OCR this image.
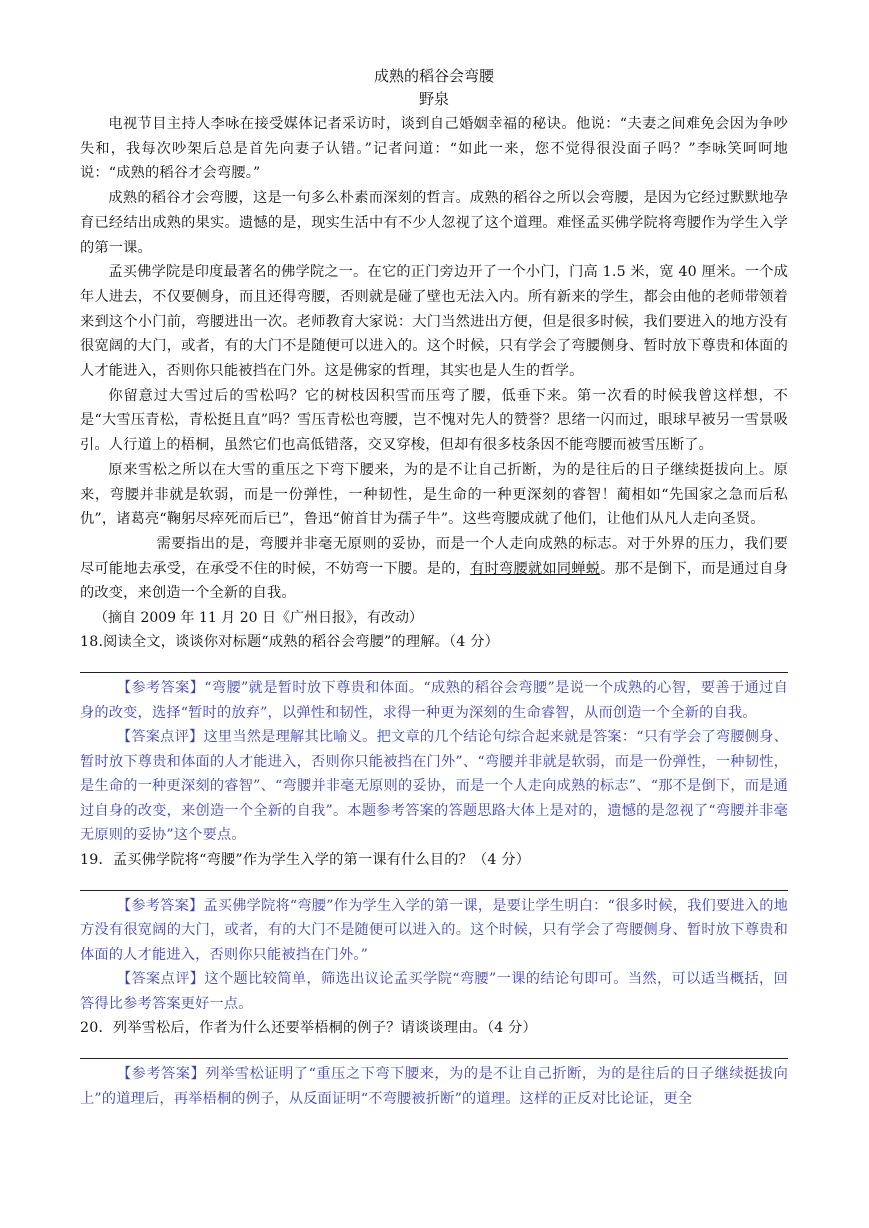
成熟的稻谷会弯腰

野泉

电视节目主持人李咏在接受媒体记者采访时，谈到自己婚姻幸福的秘诀。他说：“夫妻之间难免会因为争吵失和，我每次吵架后总是首先向妻子认错。”记者问道：“如此一来，您不觉得很没面子吗？”李咏笑呵呵地说：“成熟的稻谷才会弯腰。”

成熟的稻谷才会弯腰，这是一句多么朴素而深刻的哲言。成熟的稻谷之所以会弯腰，是因为它经过默默地孕育已经结出成熟的果实。遗憾的是，现实生活中有不少人忽视了这个道理。难怪孟买佛学院将弯腰作为学生入学的第一课。

孟买佛学院是印度最著名的佛学院之一。在它的正门旁边开了一个小门，门高 1.5 米，宽 40 厘米。一个成年人进去，不仅要侧身，而且还得弯腰，否则就是碰了壁也无法入内。所有新来的学生，都会由他的老师带领着来到这个小门前，弯腰进出一次。老师教育大家说：大门当然进出方便，但是很多时候，我们要进入的地方没有很宽阔的大门，或者，有的大门不是随便可以进入的。这个时候，只有学会了弯腰侧身、暂时放下尊贵和体面的人才能进入，否则你只能被挡在门外。这是佛家的哲理，其实也是人生的哲学。

你留意过大雪过后的雪松吗？它的树枝因积雪而压弯了腰，低垂下来。第一次看的时候我曾这样想，不是“大雪压青松，青松挺且直”吗？雪压青松也弯腰，岂不愧对先人的赞誉？思绪一闪而过，眼球早被另一雪景吸引。人行道上的梧桐，虽然它们也高低错落，交叉穿梭，但却有很多枝条因不能弯腰而被雪压断了。

原来雪松之所以在大雪的重压之下弯下腰来，为的是不让自己折断，为的是往后的日子继续挺拔向上。原来，弯腰并非就是软弱，而是一份弹性，一种韧性，是生命的一种更深刻的睿智！蔺相如“先国家之急而后私仇”，诸葛亮“鞠躬尽瘁死而后已”，鲁迅“俯首甘为孺子牛”。这些弯腰成就了他们，让他们从凡人走向圣贤。

需要指出的是，弯腰并非毫无原则的妥协，而是一个人走向成熟的标志。对于外界的压力，我们要尽可能地去承受，在承受不住的时候，不妨弯一下腰。是的，有时弯腰就如同蝉蜕。那不是倒下，而是通过自身的改变，来创造一个全新的自我。

（摘自 2009 年 11 月 20 日《广州日报》，有改动）

18.阅读全文，谈谈你对标题“成熟的稻谷会弯腰”的理解。（4 分）

【参考答案】“弯腰”就是暂时放下尊贵和体面。“成熟的稻谷会弯腰”是说一个成熟的心智，要善于通过自身的改变，选择“暂时的放弃”，以弹性和韧性，求得一种更为深刻的生命睿智，从而创造一个全新的自我。

【答案点评】这里当然是理解其比喻义。把文章的几个结论句综合起来就是答案：“只有学会了弯腰侧身、暂时放下尊贵和体面的人才能进入，否则你只能被挡在门外”、“弯腰并非就是软弱，而是一份弹性，一种韧性，是生命的一种更深刻的睿智”、“弯腰并非毫无原则的妥协，而是一个人走向成熟的标志”、“那不是倒下，而是通过自身的改变，来创造一个全新的自我”。本题参考答案的答题思路大体上是对的，遗憾的是忽视了“弯腰并非毫无原则的妥协”这个要点。

19．孟买佛学院将“弯腰”作为学生入学的第一课有什么目的？（4 分）

【参考答案】孟买佛学院将“弯腰”作为学生入学的第一课，是要让学生明白：“很多时候，我们要进入的地方没有很宽阔的大门，或者，有的大门不是随便可以进入的。这个时候，只有学会了弯腰侧身、暂时放下尊贵和体面的人才能进入，否则你只能被挡在门外。”

【答案点评】这个题比较简单，筛选出议论孟买学院“弯腰”一课的结论句即可。当然，可以适当概括，回答得比参考答案更好一点。

20．列举雪松后，作者为什么还要举梧桐的例子？请谈谈理由。（4 分）

【参考答案】列举雪松证明了“重压之下弯下腰来，为的是不让自己折断，为的是往后的日子继续挺拔向上”的道理后，再举梧桐的例子，从反面证明“不弯腰被折断”的道理。这样的正反对比论证，更全
